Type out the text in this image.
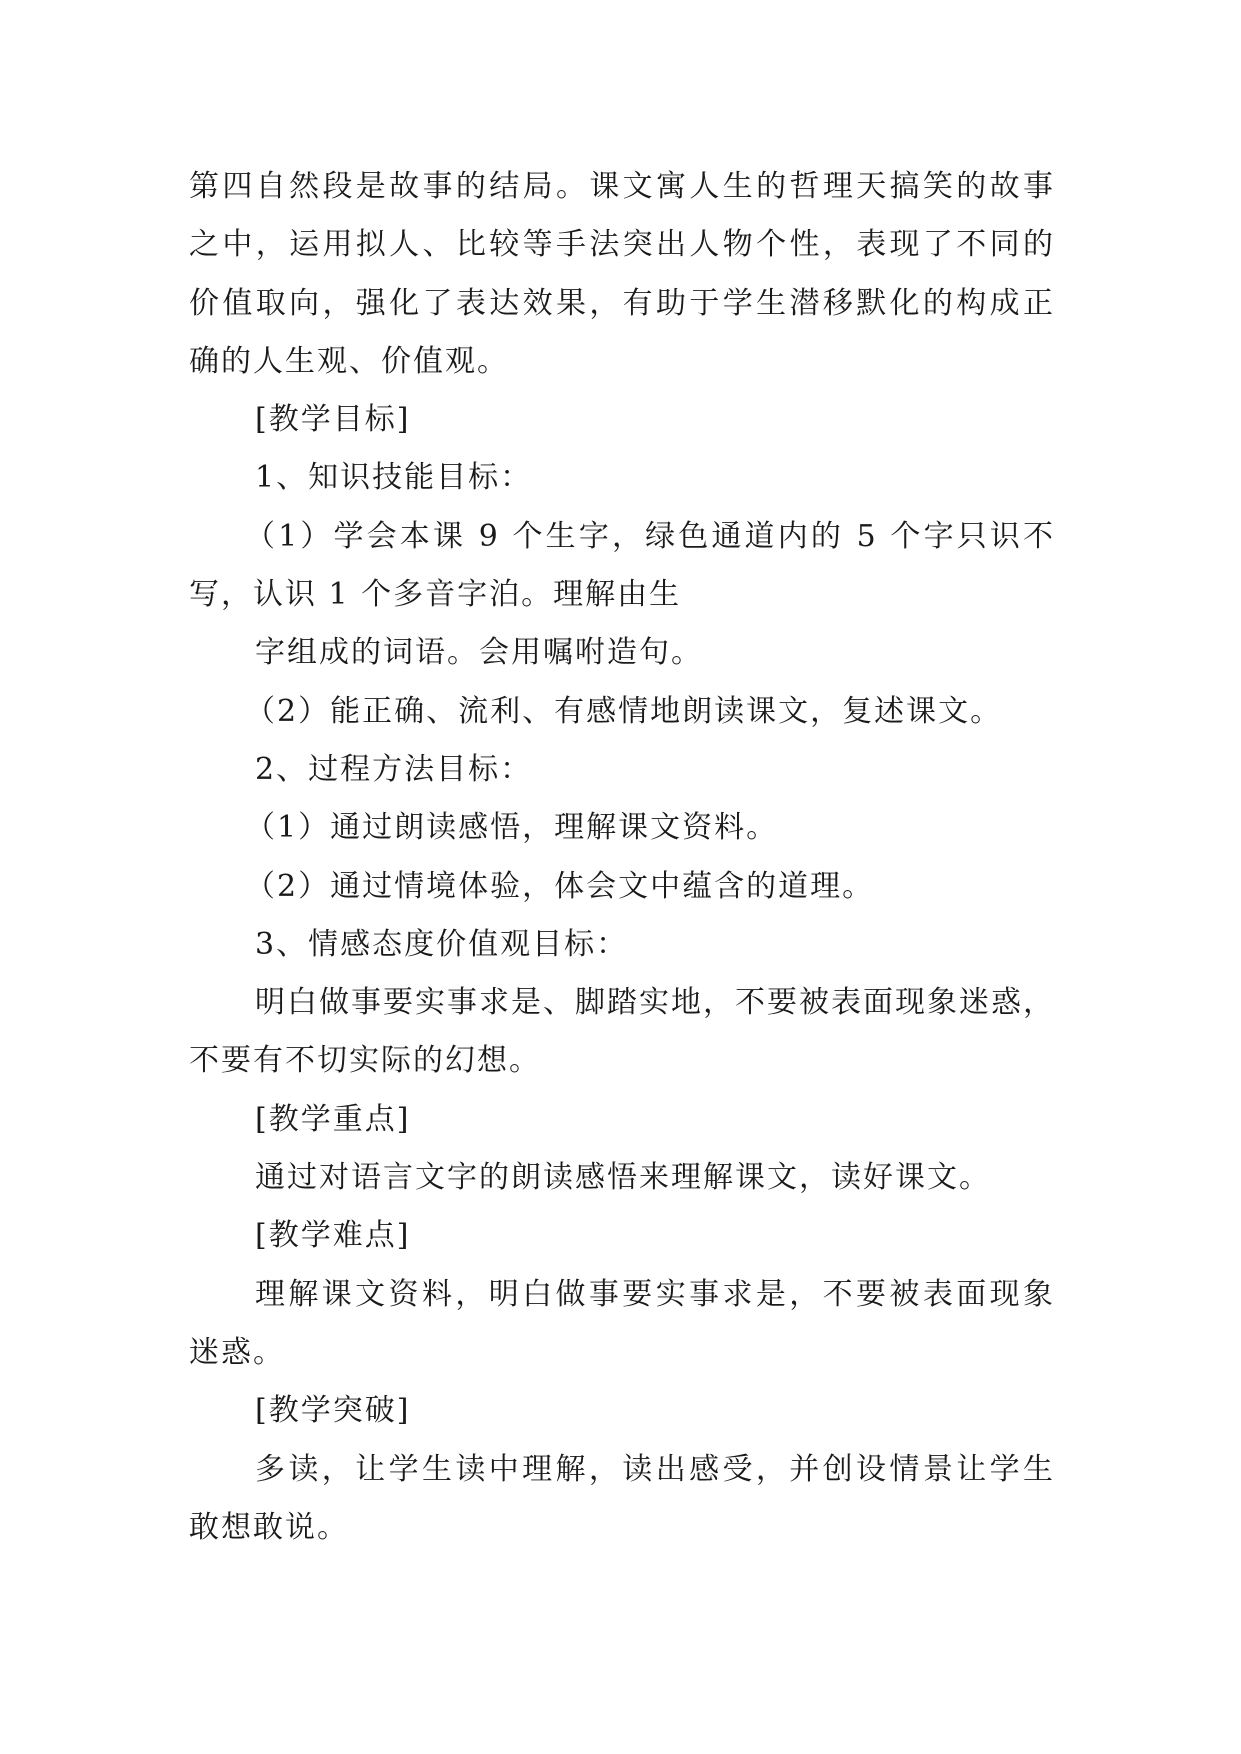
第四自然段是故事的结局。课文寓人生的哲理天搞笑的故事
之中，运用拟人、比较等手法突出人物个性，表现了不同的
价值取向，强化了表达效果，有助于学生潜移默化的构成正
确的人生观、价值观。
[教学目标]
1、知识技能目标：
（1）学会本课 9 个生字，绿色通道内的 5 个字只识不
写，认识 1 个多音字泊。理解由生
字组成的词语。会用嘱咐造句。
（2）能正确、流利、有感情地朗读课文，复述课文。
2、过程方法目标：
（1）通过朗读感悟，理解课文资料。
（2）通过情境体验，体会文中蕴含的道理。
3、情感态度价值观目标：
明白做事要实事求是、脚踏实地，不要被表面现象迷惑，
不要有不切实际的幻想。
[教学重点]
通过对语言文字的朗读感悟来理解课文，读好课文。
[教学难点]
理解课文资料，明白做事要实事求是，不要被表面现象
迷惑。
[教学突破]
多读，让学生读中理解，读出感受，并创设情景让学生
敢想敢说。
